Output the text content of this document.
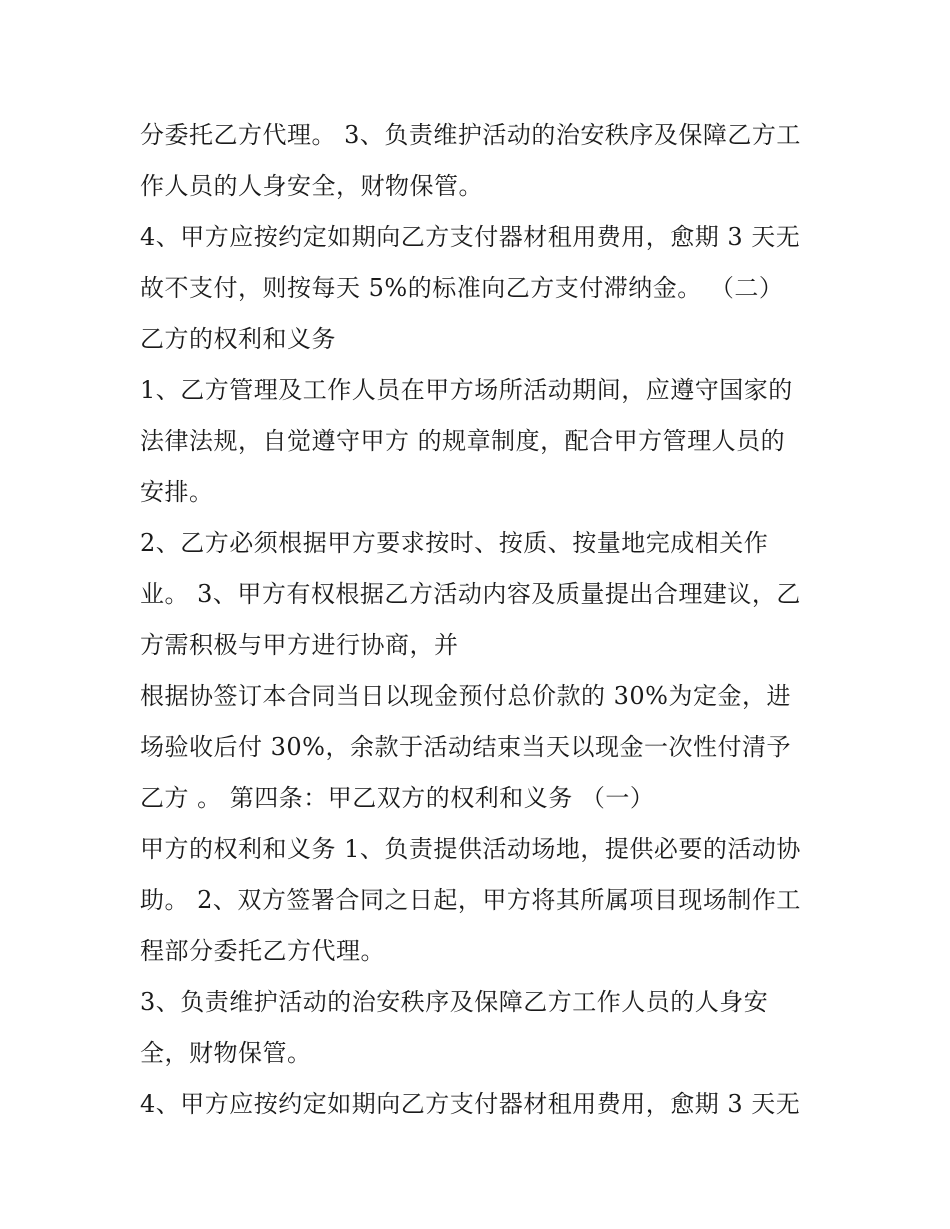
分委托乙方代理。 3、负责维护活动的治安秩序及保障乙方工
作人员的人身安全，财物保管。
4、甲方应按约定如期向乙方支付器材租用费用，愈期 3 天无
故不支付，则按每天 5%的标准向乙方支付滞纳金。 （二）
乙方的权利和义务
1、乙方管理及工作人员在甲方场所活动期间，应遵守国家的
法律法规，自觉遵守甲方 的规章制度，配合甲方管理人员的
安排。
2、乙方必须根据甲方要求按时、按质、按量地完成相关作
业。 3、甲方有权根据乙方活动内容及质量提出合理建议，乙
方需积极与甲方进行协商，并
根据协签订本合同当日以现金预付总价款的 30%为定金，进
场验收后付 30%，余款于活动结束当天以现金一次性付清予
乙方 。 第四条：甲乙双方的权利和义务 （一）
甲方的权利和义务 1、负责提供活动场地，提供必要的活动协
助。 2、双方签署合同之日起，甲方将其所属项目现场制作工
程部分委托乙方代理。
3、负责维护活动的治安秩序及保障乙方工作人员的人身安
全，财物保管。
4、甲方应按约定如期向乙方支付器材租用费用，愈期 3 天无
